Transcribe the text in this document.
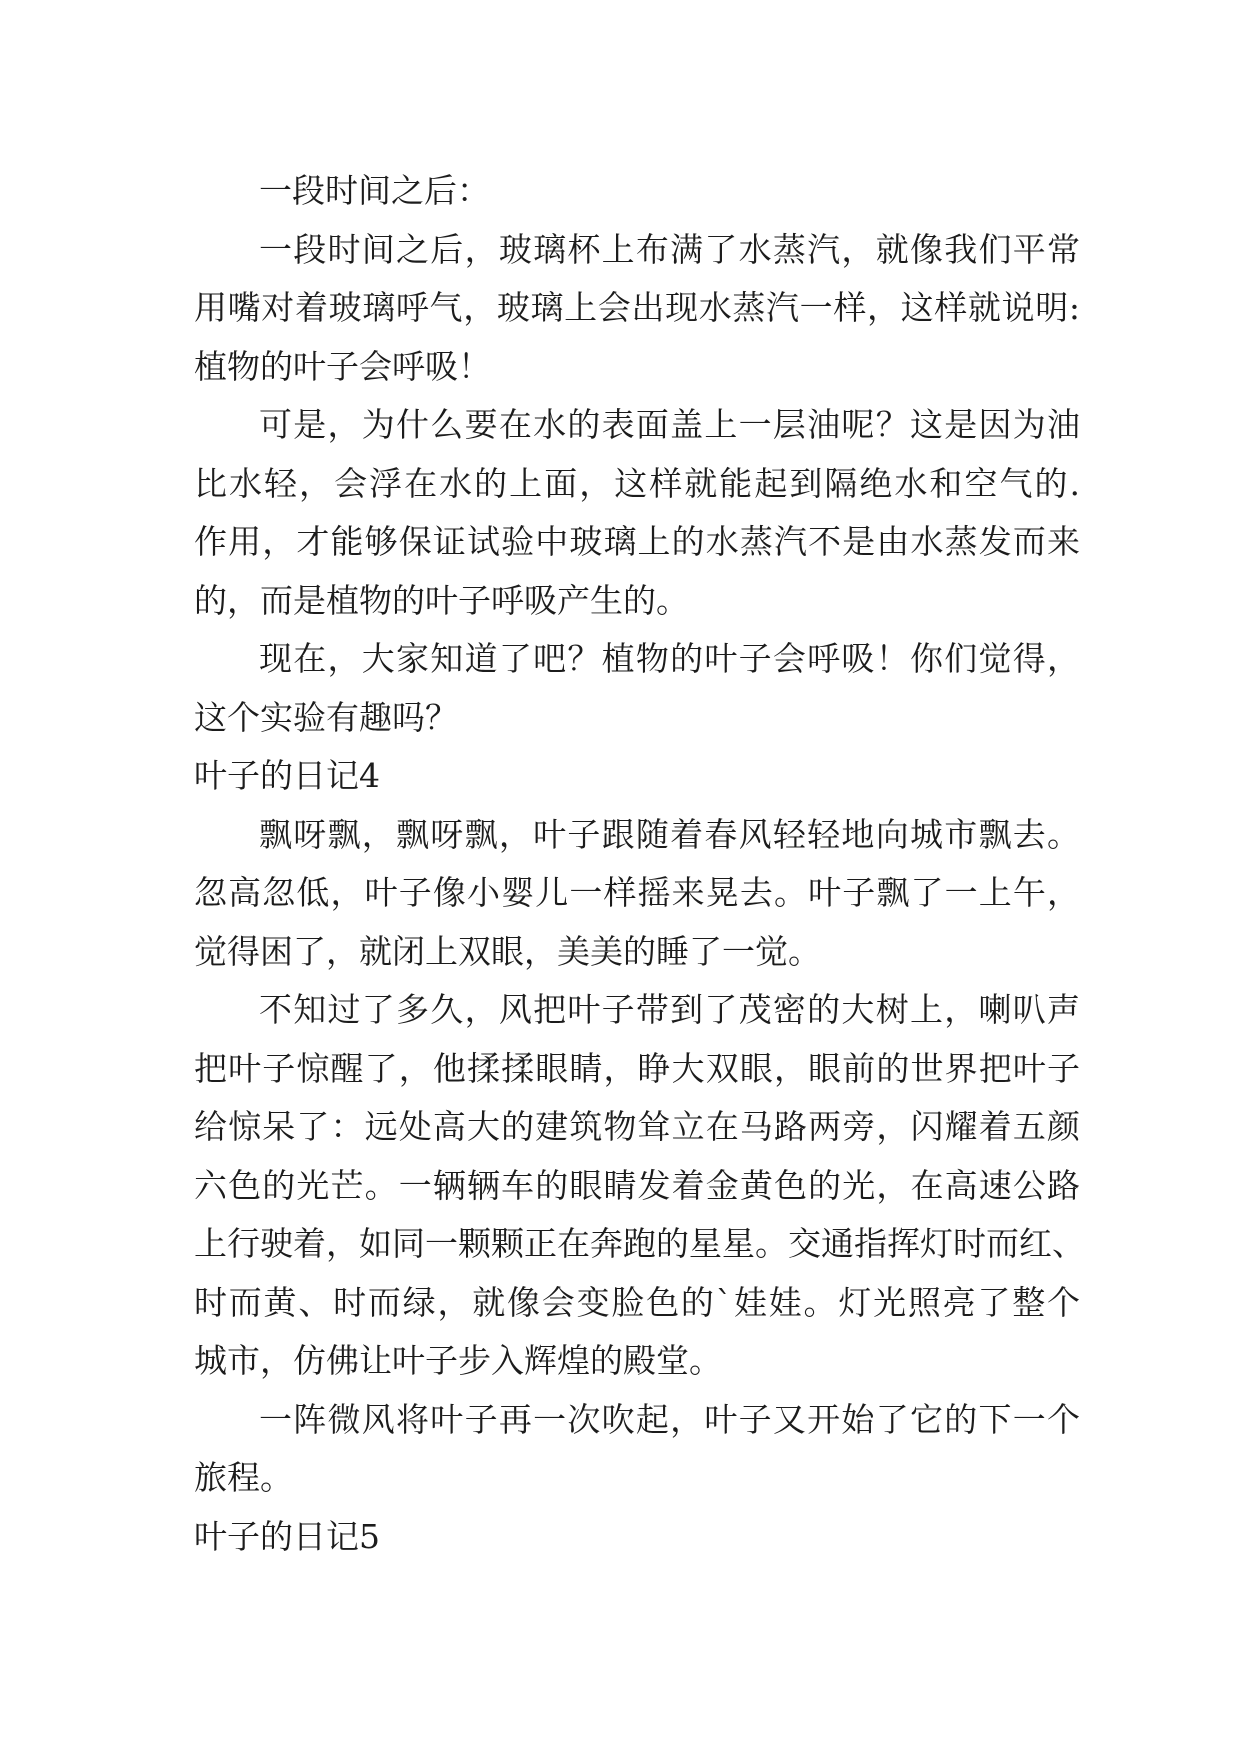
一段时间之后：
一段时间之后，玻璃杯上布满了水蒸汽，就像我们平常
用嘴对着玻璃呼气，玻璃上会出现水蒸汽一样，这样就说明:
植物的叶子会呼吸！
可是，为什么要在水的表面盖上一层油呢？这是因为油
比水轻，会浮在水的上面，这样就能起到隔绝水和空气的.
作用，才能够保证试验中玻璃上的水蒸汽不是由水蒸发而来
的，而是植物的叶子呼吸产生的。
现在，大家知道了吧？植物的叶子会呼吸！你们觉得，
这个实验有趣吗？
叶子的日记4
飘呀飘，飘呀飘，叶子跟随着春风轻轻地向城市飘去。
忽高忽低，叶子像小婴儿一样摇来晃去。叶子飘了一上午，
觉得困了，就闭上双眼，美美的睡了一觉。
不知过了多久，风把叶子带到了茂密的大树上，喇叭声
把叶子惊醒了，他揉揉眼睛，睁大双眼，眼前的世界把叶子
给惊呆了：远处高大的建筑物耸立在马路两旁，闪耀着五颜
六色的光芒。一辆辆车的眼睛发着金黄色的光，在高速公路
上行驶着，如同一颗颗正在奔跑的星星。交通指挥灯时而红、
时而黄、时而绿，就像会变脸色的`娃娃。灯光照亮了整个
城市，仿佛让叶子步入辉煌的殿堂。
一阵微风将叶子再一次吹起，叶子又开始了它的下一个
旅程。
叶子的日记5
